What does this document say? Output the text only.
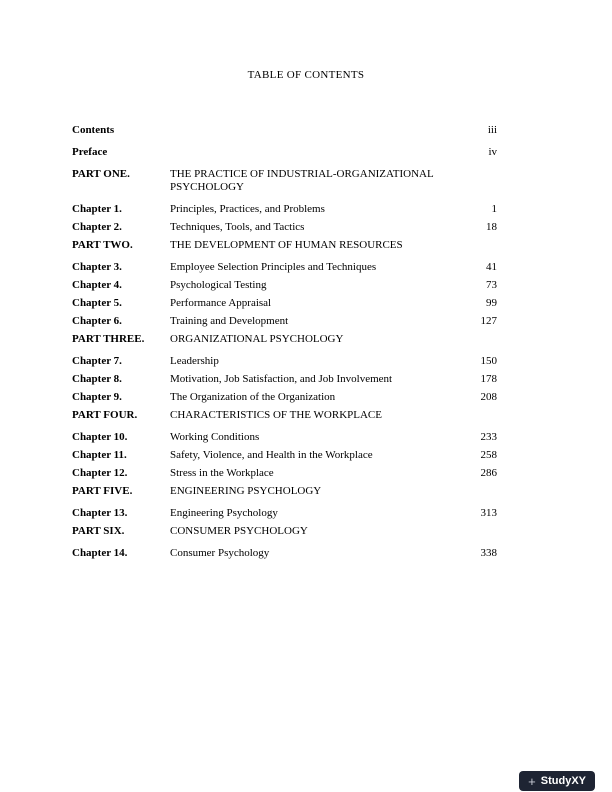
TABLE OF CONTENTS
Contents	iii
Preface	iv
PART ONE.	THE PRACTICE OF INDUSTRIAL-ORGANIZATIONAL PSYCHOLOGY
Chapter 1.	Principles, Practices, and Problems	1
Chapter 2.	Techniques, Tools, and Tactics	18
PART TWO.	THE DEVELOPMENT OF HUMAN RESOURCES
Chapter 3.	Employee Selection Principles and Techniques	41
Chapter 4.	Psychological Testing	73
Chapter 5.	Performance Appraisal	99
Chapter 6.	Training and Development	127
PART THREE.	ORGANIZATIONAL PSYCHOLOGY
Chapter 7.	Leadership	150
Chapter 8.	Motivation, Job Satisfaction, and Job Involvement	178
Chapter 9.	The Organization of the Organization	208
PART FOUR.	CHARACTERISTICS OF THE WORKPLACE
Chapter 10.	Working Conditions	233
Chapter 11.	Safety, Violence, and Health in the Workplace	258
Chapter 12.	Stress in the Workplace	286
PART FIVE.	ENGINEERING PSYCHOLOGY
Chapter 13.	Engineering Psychology	313
PART SIX.	CONSUMER PSYCHOLOGY
Chapter 14.	Consumer Psychology	338
+ StudyXY
